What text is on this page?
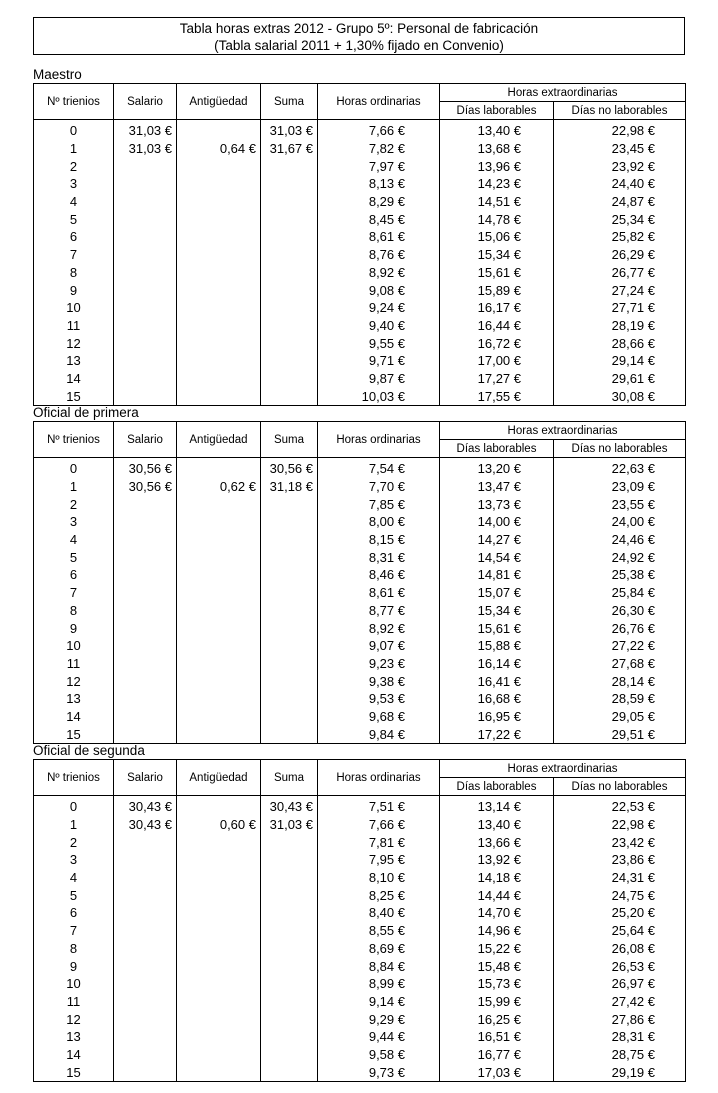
Tabla horas extras 2012 - Grupo 5º: Personal de fabricación
(Tabla salarial 2011 + 1,30% fijado en Convenio)
Maestro
Nº trienios	Salario	Antigüedad	Suma	Horas ordinarias	Horas extraordinarias	
					Días laborables	Días no laborables
0	31,03 €		31,03 €	7,66 €	13,40 €	22,98 €
1	31,03 €	0,64 €	31,67 €	7,82 €	13,68 €	23,45 €
2				7,97 €	13,96 €	23,92 €
3				8,13 €	14,23 €	24,40 €
4				8,29 €	14,51 €	24,87 €
5				8,45 €	14,78 €	25,34 €
6				8,61 €	15,06 €	25,82 €
7				8,76 €	15,34 €	26,29 €
8				8,92 €	15,61 €	26,77 €
9				9,08 €	15,89 €	27,24 €
10				9,24 €	16,17 €	27,71 €
11				9,40 €	16,44 €	28,19 €
12				9,55 €	16,72 €	28,66 €
13				9,71 €	17,00 €	29,14 €
14				9,87 €	17,27 €	29,61 €
15				10,03 €	17,55 €	30,08 €
Oficial de primera
Nº trienios	Salario	Antigüedad	Suma	Horas ordinarias	Horas extraordinarias	
					Días laborables	Días no laborables
0	30,56 €		30,56 €	7,54 €	13,20 €	22,63 €
1	30,56 €	0,62 €	31,18 €	7,70 €	13,47 €	23,09 €
2				7,85 €	13,73 €	23,55 €
3				8,00 €	14,00 €	24,00 €
4				8,15 €	14,27 €	24,46 €
5				8,31 €	14,54 €	24,92 €
6				8,46 €	14,81 €	25,38 €
7				8,61 €	15,07 €	25,84 €
8				8,77 €	15,34 €	26,30 €
9				8,92 €	15,61 €	26,76 €
10				9,07 €	15,88 €	27,22 €
11				9,23 €	16,14 €	27,68 €
12				9,38 €	16,41 €	28,14 €
13				9,53 €	16,68 €	28,59 €
14				9,68 €	16,95 €	29,05 €
15				9,84 €	17,22 €	29,51 €
Oficial de segunda
Nº trienios	Salario	Antigüedad	Suma	Horas ordinarias	Horas extraordinarias	
					Días laborables	Días no laborables
0	30,43 €		30,43 €	7,51 €	13,14 €	22,53 €
1	30,43 €	0,60 €	31,03 €	7,66 €	13,40 €	22,98 €
2				7,81 €	13,66 €	23,42 €
3				7,95 €	13,92 €	23,86 €
4				8,10 €	14,18 €	24,31 €
5				8,25 €	14,44 €	24,75 €
6				8,40 €	14,70 €	25,20 €
7				8,55 €	14,96 €	25,64 €
8				8,69 €	15,22 €	26,08 €
9				8,84 €	15,48 €	26,53 €
10				8,99 €	15,73 €	26,97 €
11				9,14 €	15,99 €	27,42 €
12				9,29 €	16,25 €	27,86 €
13				9,44 €	16,51 €	28,31 €
14				9,58 €	16,77 €	28,75 €
15				9,73 €	17,03 €	29,19 €
